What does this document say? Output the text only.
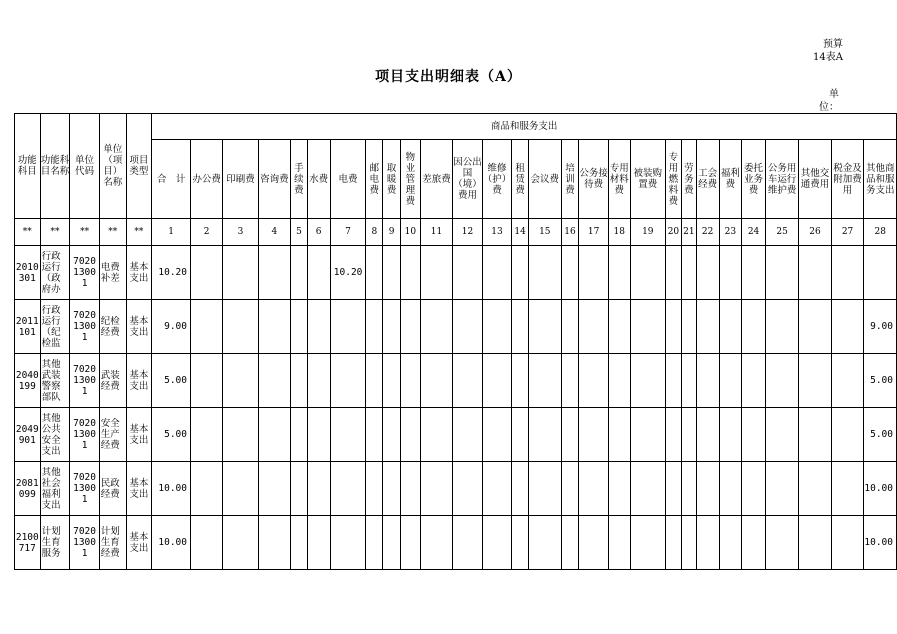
预算
14表A
项目支出明细表（A）
单
位：
功能科目	功能科目名称	单位代码	单位（项目）名称	项目类型	商品和服务支出																											
					合　计	办公费	印刷费	咨询费	手续费	水费	电费	邮电费	取暖费	物业管理费	差旅费	因公出国（境）费用	维修（护）费	租赁费	会议费	培训费	公务接待费	专用材料费	被装购置费	专用燃料费	劳务费	工会经费	福利费	委托业务费	公务用车运行维护费	其他交通费用	税金及附加费用	其他商品和服务支出
**	**	**	**	**	1	2	3	4	5	6	7	8	9	10	11	12	13	14	15	16	17	18	19	20	21	22	23	24	25	26	27	28
2010301	行政运行（政府办	702013001	电费补差	基本支出	10.20						10.20																					
2011101	行政运行（纪检监	702013001	纪检经费	基本支出	9.00																											9.00
2040199	其他武装警察部队	702013001	武装经费	基本支出	5.00																											5.00
2049901	其他公共安全支出	702013001	安全生产经费	基本支出	5.00																											5.00
2081099	其他社会福利支出	702013001	民政经费	基本支出	10.00																											10.00
2100717	计划生育服务	702013001	计划生育经费	基本支出	10.00																											10.00
